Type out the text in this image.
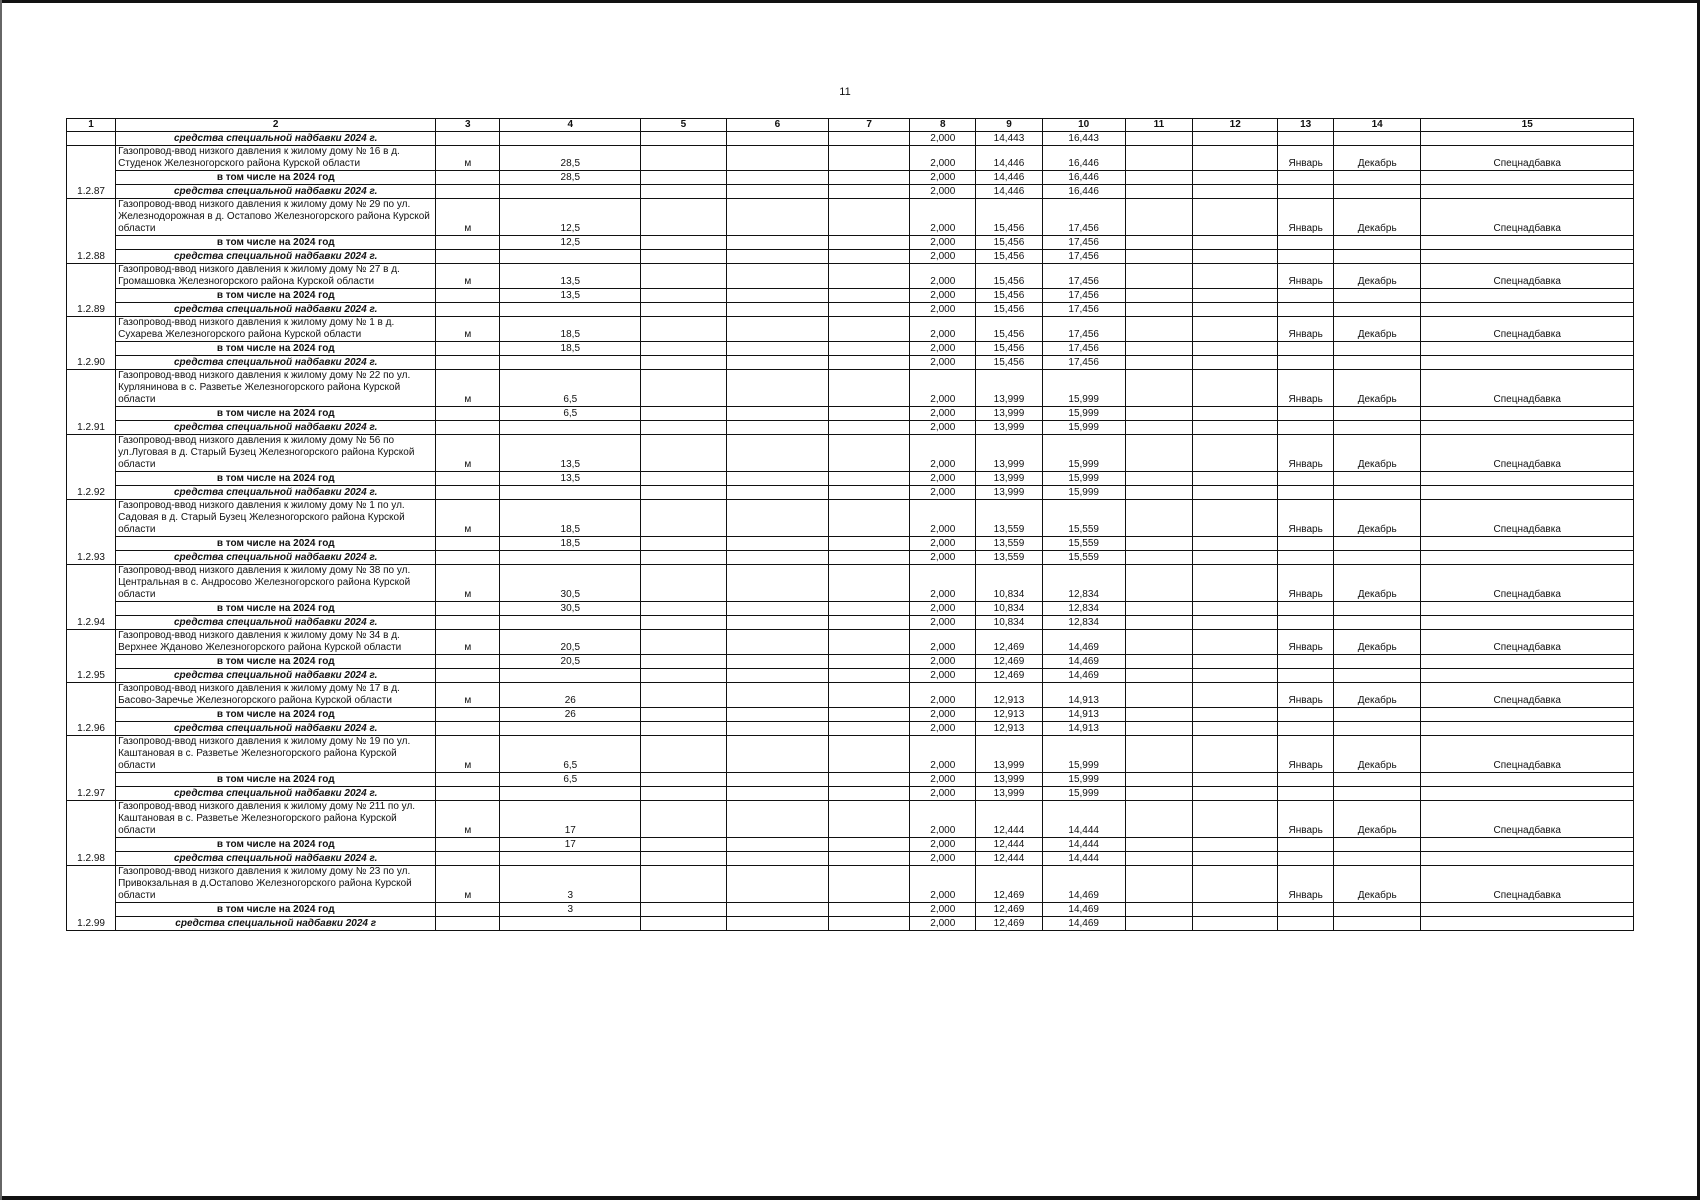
11
1	2	3	4	5	6	7	8	9	10	11	12	13	14	15
	средства специальной надбавки 2024 г.						2,000	14,443	16,443					
1.2.87	Газопровод-ввод низкого давления к жилому дому № 16 в д. Студенок Железногорского района Курской области	м	28,5				2,000	14,446	16,446			Январь	Декабрь	Спецнадбавка
	в том числе на 2024 год		28,5				2,000	14,446	16,446					
	средства специальной надбавки 2024 г.						2,000	14,446	16,446					
1.2.88	Газопровод-ввод низкого давления к жилому дому № 29 по ул. Железнодорожная в д. Остапово Железногорского района Курской области	м	12,5				2,000	15,456	17,456			Январь	Декабрь	Спецнадбавка
	в том числе на 2024 год		12,5				2,000	15,456	17,456					
	средства специальной надбавки 2024 г.						2,000	15,456	17,456					
1.2.89	Газопровод-ввод низкого давления к жилому дому № 27 в д. Громашовка Железногорского района Курской области	м	13,5				2,000	15,456	17,456			Январь	Декабрь	Спецнадбавка
	в том числе на 2024 год		13,5				2,000	15,456	17,456					
	средства специальной надбавки 2024 г.						2,000	15,456	17,456					
1.2.90	Газопровод-ввод низкого давления к жилому дому № 1 в д. Сухарева Железногорского района Курской области	м	18,5				2,000	15,456	17,456			Январь	Декабрь	Спецнадбавка
	в том числе на 2024 год		18,5				2,000	15,456	17,456					
	средства специальной надбавки 2024 г.						2,000	15,456	17,456					
1.2.91	Газопровод-ввод низкого давления к жилому дому № 22 по ул. Курлянинова в с. Разветье Железногорского района Курской области	м	6,5				2,000	13,999	15,999			Январь	Декабрь	Спецнадбавка
	в том числе на 2024 год		6,5				2,000	13,999	15,999					
	средства специальной надбавки 2024 г.						2,000	13,999	15,999					
1.2.92	Газопровод-ввод низкого давления к жилому дому № 56 по ул.Луговая в д. Старый Бузец Железногорского района Курской области	м	13,5				2,000	13,999	15,999			Январь	Декабрь	Спецнадбавка
	в том числе на 2024 год		13,5				2,000	13,999	15,999					
	средства специальной надбавки 2024 г.						2,000	13,999	15,999					
1.2.93	Газопровод-ввод низкого давления к жилому дому № 1 по ул. Садовая в д. Старый Бузец Железногорского района Курской области	м	18,5				2,000	13,559	15,559			Январь	Декабрь	Спецнадбавка
	в том числе на 2024 год		18,5				2,000	13,559	15,559					
	средства специальной надбавки 2024 г.						2,000	13,559	15,559					
1.2.94	Газопровод-ввод низкого давления к жилому дому № 38 по ул. Центральная в с. Андросово Железногорского района Курской области	м	30,5				2,000	10,834	12,834			Январь	Декабрь	Спецнадбавка
	в том числе на 2024 год		30,5				2,000	10,834	12,834					
	средства специальной надбавки 2024 г.						2,000	10,834	12,834					
1.2.95	Газопровод-ввод низкого давления к жилому дому № 34 в д. Верхнее Жданово Железногорского района Курской области	м	20,5				2,000	12,469	14,469			Январь	Декабрь	Спецнадбавка
	в том числе на 2024 год		20,5				2,000	12,469	14,469					
	средства специальной надбавки 2024 г.						2,000	12,469	14,469					
1.2.96	Газопровод-ввод низкого давления к жилому дому № 17 в д. Басово-Заречье Железногорского района Курской области	м	26				2,000	12,913	14,913			Январь	Декабрь	Спецнадбавка
	в том числе на 2024 год		26				2,000	12,913	14,913					
	средства специальной надбавки 2024 г.						2,000	12,913	14,913					
1.2.97	Газопровод-ввод низкого давления к жилому дому № 19 по ул. Каштановая в с. Разветье Железногорского района Курской области	м	6,5				2,000	13,999	15,999			Январь	Декабрь	Спецнадбавка
	в том числе на 2024 год		6,5				2,000	13,999	15,999					
	средства специальной надбавки 2024 г.						2,000	13,999	15,999					
1.2.98	Газопровод-ввод низкого давления к жилому дому № 211 по ул. Каштановая в с. Разветье Железногорского района Курской области	м	17				2,000	12,444	14,444			Январь	Декабрь	Спецнадбавка
	в том числе на 2024 год		17				2,000	12,444	14,444					
	средства специальной надбавки 2024 г.						2,000	12,444	14,444					
1.2.99	Газопровод-ввод низкого давления к жилому дому № 23 по ул. Привокзальная в д.Остапово Железногорского района Курской области	м	3				2,000	12,469	14,469			Январь	Декабрь	Спецнадбавка
	в том числе на 2024 год		3				2,000	12,469	14,469					
	средства специальной надбавки 2024 г						2,000	12,469	14,469					
